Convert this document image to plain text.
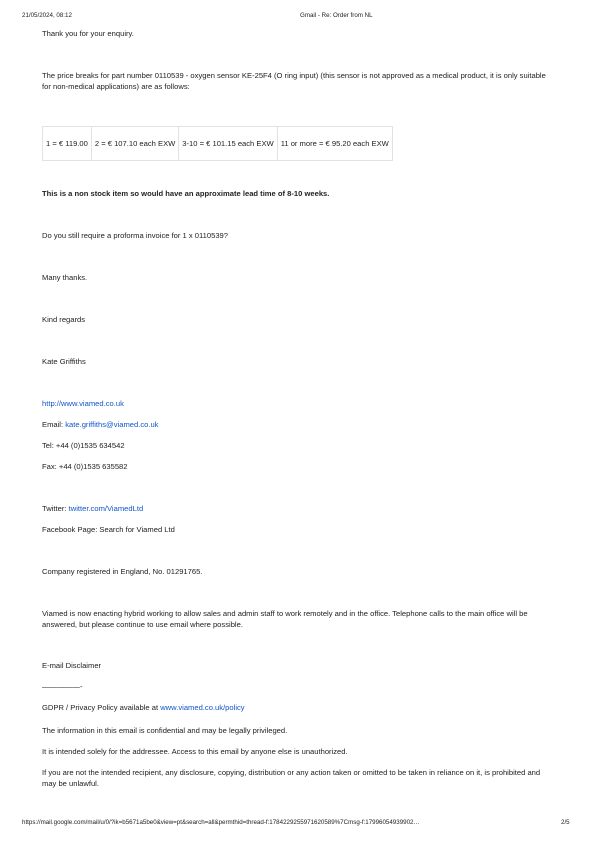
21/05/2024, 08:12	Gmail - Re: Order from NL
Thank you for your enquiry.
The price breaks for part number 0110539 - oxygen sensor KE-25F4 (O ring input) (this sensor is not approved as a medical product, it is only suitable for non-medical applications) are as follows:
1 = € 119.00	2 = € 107.10 each EXW	3-10 = € 101.15 each EXW	11 or more = € 95.20 each EXW
This is a non stock item so would have an approximate lead time of 8-10 weeks.
Do you still require a proforma invoice for 1 x 0110539?
Many thanks.
Kind regards
Kate Griffiths
http://www.viamed.co.uk
Email: kate.griffiths@viamed.co.uk
Tel: +44 (0)1535 634542
Fax: +44 (0)1535 635582
Twitter: twitter.com/ViamedLtd
Facebook Page: Search for Viamed Ltd
Company registered in England, No. 01291765.
Viamed is now enacting hybrid working to allow sales and admin staff to work remotely and in the office. Telephone calls to the main office will be answered, but please continue to use email where possible.
E-mail Disclaimer
—————-
GDPR / Privacy Policy available at www.viamed.co.uk/policy
The information in this email is confidential and may be legally privileged.
It is intended solely for the addressee. Access to this email by anyone else is unauthorized.
If you are not the intended recipient, any disclosure, copying, distribution or any action taken or omitted to be taken in reliance on it, is prohibited and may be unlawful.
https://mail.google.com/mail/u/0/?ik=b5671a5be0&view=pt&search=all&permthid=thread-f:1784229255971620589%7Cmsg-f:17996054939902…	2/5
